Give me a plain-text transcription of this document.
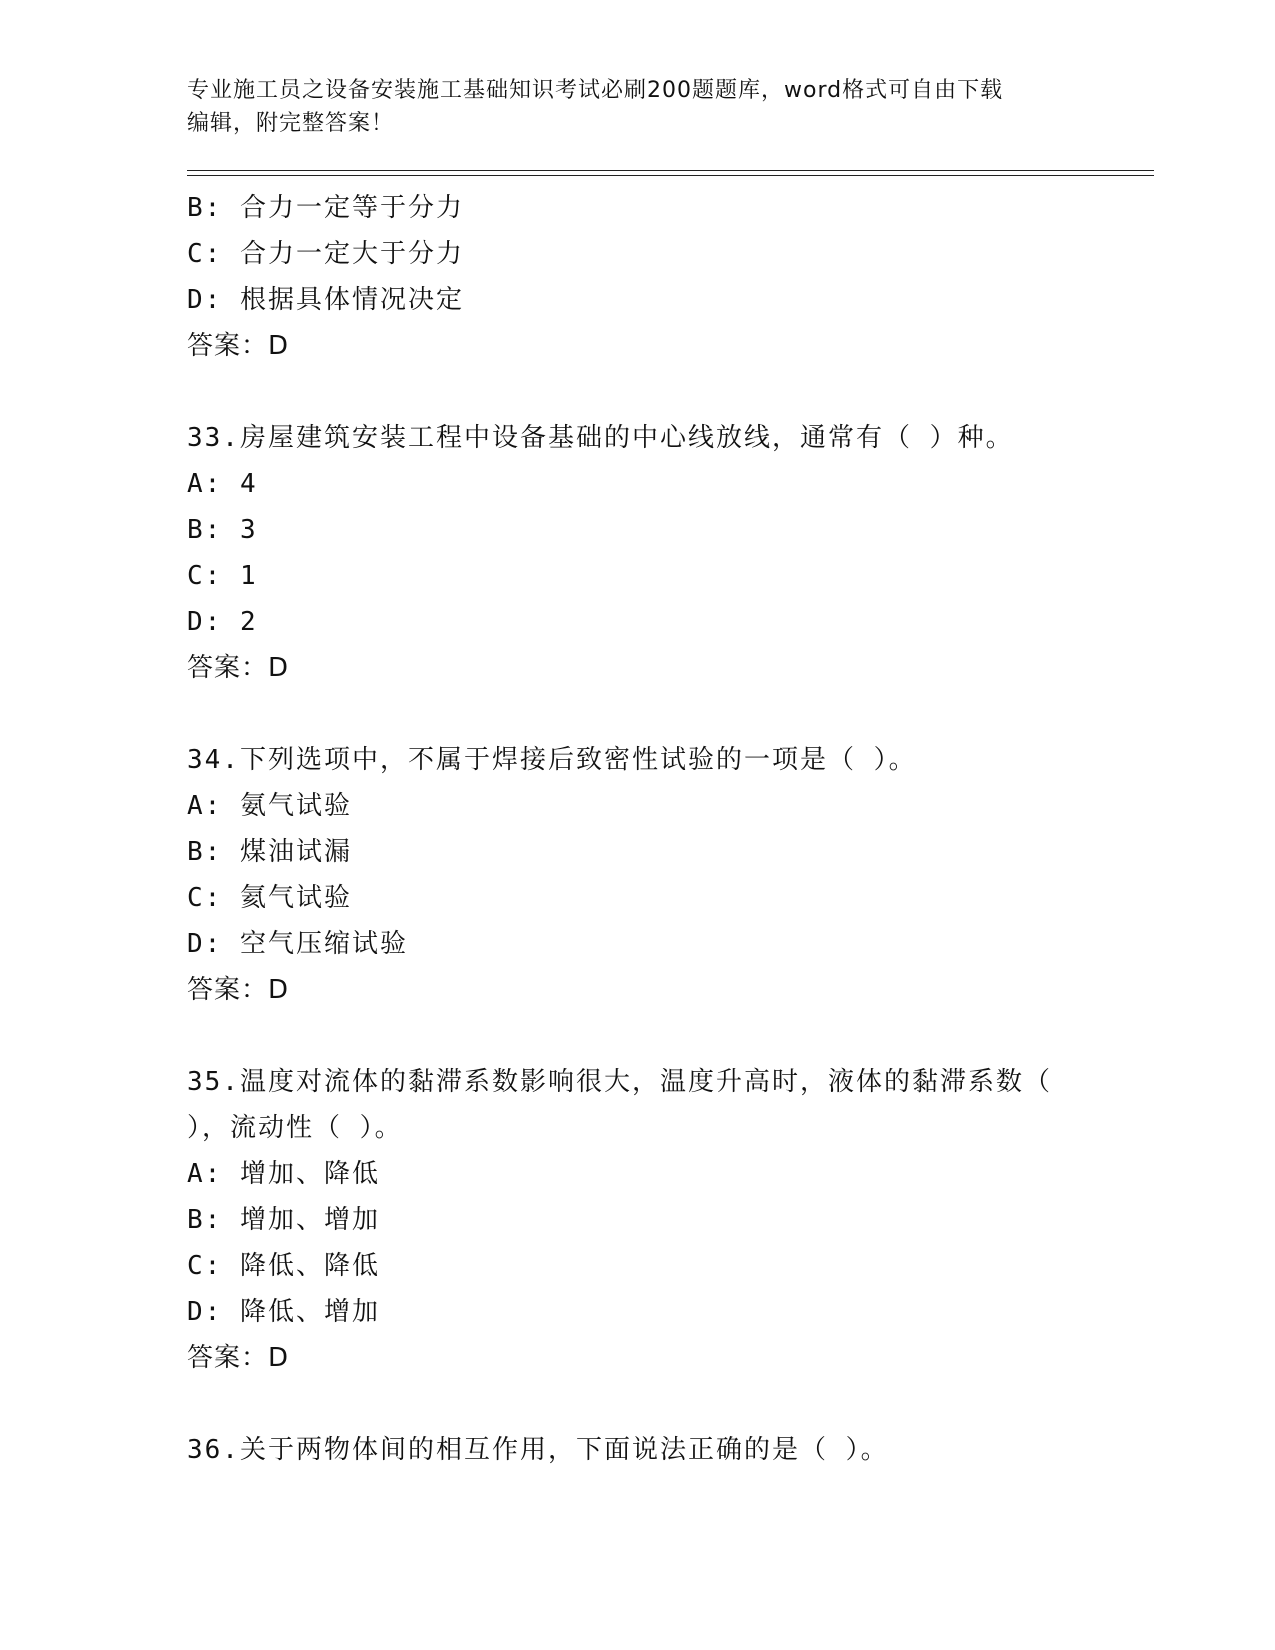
专业施工员之设备安装施工基础知识考试必刷200题题库，word格式可自由下载
编辑，附完整答案！
B: 合力一定等于分力
C: 合力一定大于分力
D: 根据具体情况决定
答案：D
33.房屋建筑安装工程中设备基础的中心线放线，通常有（ ）种。
A: 4
B: 3
C: 1
D: 2
答案：D
34.下列选项中，不属于焊接后致密性试验的一项是（ ）。
A: 氨气试验
B: 煤油试漏
C: 氦气试验
D: 空气压缩试验
答案：D
35.温度对流体的黏滞系数影响很大，温度升高时，液体的黏滞系数（
），流动性（ ）。
A: 增加、降低
B: 增加、增加
C: 降低、降低
D: 降低、增加
答案：D
36.关于两物体间的相互作用，下面说法正确的是（ ）。
